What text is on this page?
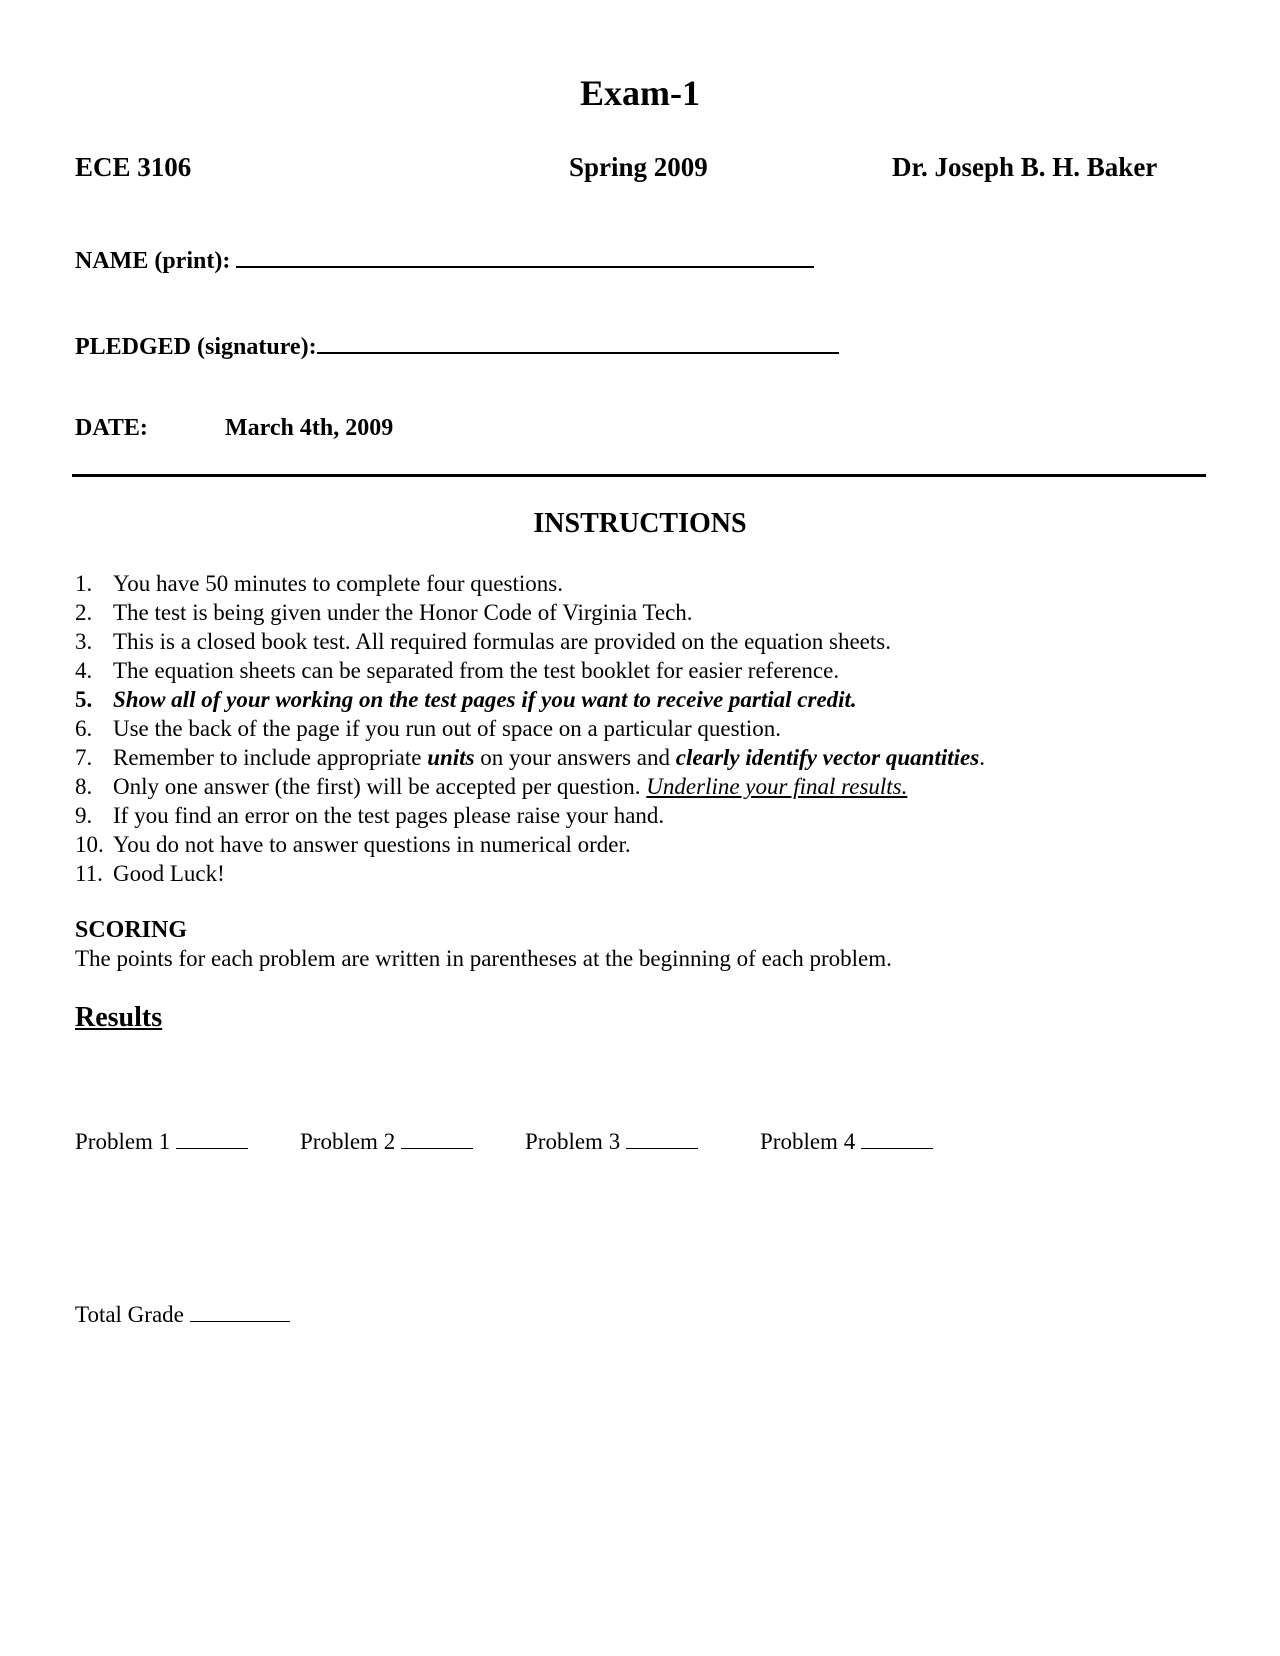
Exam-1
ECE 3106	Spring 2009	Dr. Joseph B. H. Baker
NAME (print):
PLEDGED (signature):
DATE:	March 4th, 2009
INSTRUCTIONS
1. You have 50 minutes to complete four questions.
2. The test is being given under the Honor Code of Virginia Tech.
3. This is a closed book test. All required formulas are provided on the equation sheets.
4. The equation sheets can be separated from the test booklet for easier reference.
5. Show all of your working on the test pages if you want to receive partial credit.
6. Use the back of the page if you run out of space on a particular question.
7. Remember to include appropriate units on your answers and clearly identify vector quantities.
8. Only one answer (the first) will be accepted per question. Underline your final results.
9. If you find an error on the test pages please raise your hand.
10. You do not have to answer questions in numerical order.
11. Good Luck!
SCORING
The points for each problem are written in parentheses at the beginning of each problem.
Results
Problem 1	Problem 2	Problem 3	Problem 4
Total Grade
